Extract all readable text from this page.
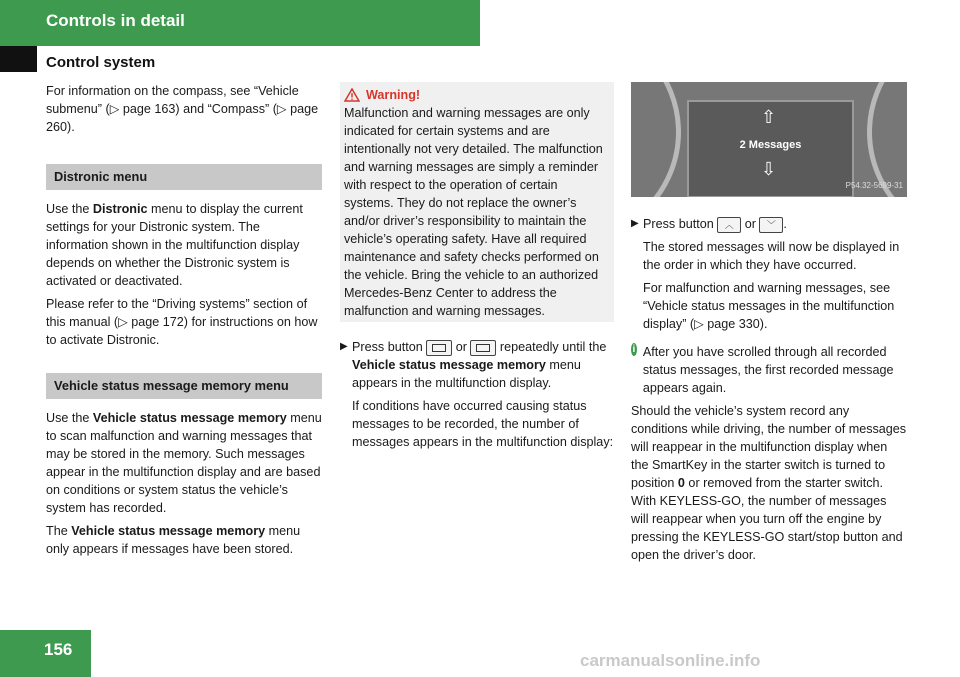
Controls in detail
Control system

For information on the compass, see “Vehicle submenu” (▷ page 163) and “Compass” (▷ page 260).

Distronic menu

Use the Distronic menu to display the current settings for your Distronic system. The information shown in the multifunction display depends on whether the Distronic system is activated or deactivated.

Please refer to the “Driving systems” section of this manual (▷ page 172) for instructions on how to activate Distronic.

Vehicle status message memory menu

Use the Vehicle status message memory menu to scan malfunction and warning messages that may be stored in the memory. Such messages appear in the multifunction display and are based on conditions or system status the vehicle’s system has recorded.

The Vehicle status message memory menu only appears if messages have been stored.

Warning!

Malfunction and warning messages are only indicated for certain systems and are intentionally not very detailed. The malfunction and warning messages are simply a reminder with respect to the operation of certain systems. They do not replace the owner’s and/or driver’s responsibility to maintain the vehicle’s operating safety. Have all required maintenance and safety checks performed on the vehicle. Bring the vehicle to an authorized Mercedes-Benz Center to address the malfunction and warning messages.

▶ Press button  or  repeatedly until the Vehicle status message memory menu appears in the multifunction display.

If conditions have occurred causing status messages to be recorded, the number of messages appears in the multifunction display:

⇧
2 Messages
⇩
P54.32-5699-31
▶ Press button ︿ or ﹀ .

The stored messages will now be displayed in the order in which they have occurred.

For malfunction and warning messages, see “Vehicle status messages in the multifunction display” (▷ page 330).

i After you have scrolled through all recorded status messages, the first recorded message appears again.

Should the vehicle’s system record any conditions while driving, the number of messages will reappear in the multifunction display when the SmartKey in the starter switch is turned to position 0 or removed from the starter switch. With KEYLESS-GO, the number of messages will reappear when you turn off the engine by pressing the KEYLESS-GO start/stop button and open the driver’s door.

156
carmanualsonline.info
